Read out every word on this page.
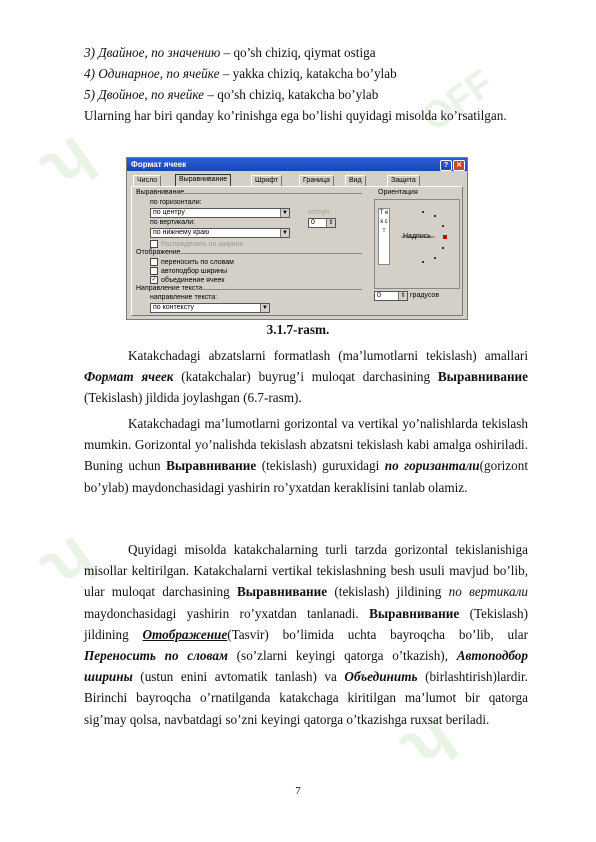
ʮ
ʮ
OFF
ʮ
3) Двайное, по значению – qo’sh chiziq, qiymat ostiga
4) Одинарное, по ячейке – yakka chiziq, katakcha bo’ylab
5) Двойное, по ячейке – qo’sh chiziq, katakcha bo’ylab
Ularning har biri qanday ko’rinishga ega bo’lishi quyidagi misolda ko’rsatilgan.
Формат ячеек	?	✕
Число	Выравнивание	Шрифт	Граница	Вид	Защита
Выравнивание
по горизонтали:
по центру	▼	отступ:
по вертикали:	0	⇕
по нижнему краю	▼
Распределять по ширине
Отображение
переносить по словам
автоподбор ширины
✓ объединение ячеек
Направление текста
направление текста:
по контексту	▼
Ориентация
Т е к с т
Надпись
0	⇕ градусов
3.1.7-rasm.

Katakchadagi abzatslarni formatlash (ma’lumotlarni tekislash) amallari Формат ячеек (katakchalar) buyrug’i muloqat darchasining Выравнивание (Tekislash) jildida joylashgan (6.7-rasm).

Katakchadagi ma’lumotlarni gorizontal va vertikal yo’nalishlarda tekislash mumkin. Gorizontal yo’nalishda tekislash abzatsni tekislash kabi amalga oshiriladi. Buning uchun Выравнивание (tekislash) guruxidagi по горизантали(gorizont bo’ylab) maydonchasidagi yashirin ro’yxatdan keraklisini tanlab olamiz.

Quyidagi misolda katakchalarning turli tarzda gorizontal tekislanishiga misollar keltirilgan. Katakchalarni vertikal tekislashning besh usuli mavjud bo’lib, ular muloqat darchasining Выравнивание (tekislash) jildining по вертикали maydonchasidagi yashirin ro’yxatdan tanlanadi. Выравнивание (Tekislash) jildining Отображение(Tasvir) bo’limida uchta bayroqcha bo’lib, ular Переносить по словам (so’zlarni keyingi qatorga o’tkazish), Автоподбор ширины (ustun enini avtomatik tanlash) va Объединить (birlashtirish)lardir. Birinchi bayroqcha o’rnatilganda katakchaga kiritilgan ma’lumot bir qatorga sig’may qolsa, navbatdagi so’zni keyingi qatorga o’tkazishga ruxsat beriladi.

7
